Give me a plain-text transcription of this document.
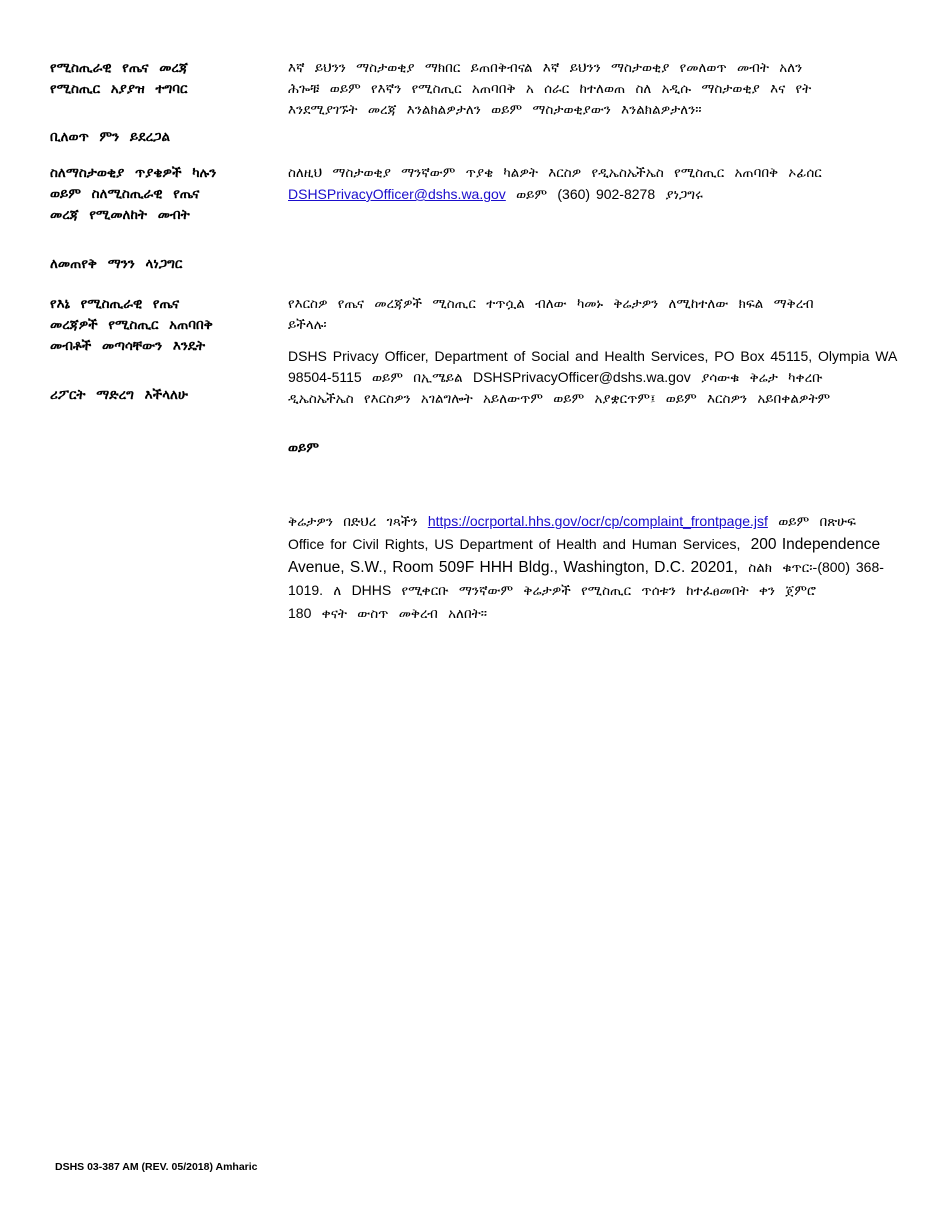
የሚስጢራዊ የጤና መረጃ
የሚስጢር አያያዝ ተግባር
ቢለወጥ ምን ይደረጋል
ስለማስታወቂያ ጥያቄዎች ካሉን
ወይም ስለሚስጢራዊ የጤና
መረጃ የሚመለከት መብት
ለመጠየቅ ማንን ላነጋግር
የእኔ የሚስጢራዊ የጤና
መረጃዎች የሚስጢር አጠባበቅ
መብቶች መጣሳቸውን እንዴት
ሪፖርት ማድረግ እችላለሁ
እኛ ይህንን ማስታወቂያ ማክበር ይጠበቅብናል እኛ ይህንን ማስታወቂያ የመለወጥ መብት አለን
ሕጐቹ ወይም የእኛን የሚስጢር አጠባበቅ አ ሰራር ከተለወጠ ስለ አዲሱ ማስታወቂያ እና የት
እንደሚያገኙት መረጃ እንልክልዎታለን ወይም ማስታወቂያውን እንልክልዎታለን።
ስለዚህ ማስታወቂያ ማንኛውም ጥያቄ ካልዎት እርስዎ የዲኤስኤችኤስ የሚስጢር አጠባበቅ ኦፊሰር
DSHSPrivacyOfficer@dshs.wa.gov ወይም (360) 902-8278 ያነጋግሩ
የእርስዎ የጤና መረጃዎች ሚስጢር ተጥሷል ብለው ካመኑ ቅሬታዎን ለሚከተለው ክፍል ማቅረብ
ይችላሉ፡
DSHS Privacy Officer, Department of Social and Health Services, PO Box 45115, Olympia WA
98504-5115 ወይም በኢሜይል DSHSPrivacyOfficer@dshs.wa.gov ያሳውቁ ቅሬታ ካቀረቡ
ዲኤስኤችኤስ የእርስዎን አገልግሎት አይለውጥም ወይም አያቋርጥም፤ ወይም እርስዎን አይበቀልዎትም
ወይም
ቅሬታዎን በድህረ ገጻችን https://ocrportal.hhs.gov/ocr/cp/complaint_frontpage.jsf ወይም በጽሁፍ
Office for Civil Rights, US Department of Health and Human Services, 200 Independence
Avenue, S.W., Room 509F HHH Bldg., Washington, D.C. 20201, ስልክ ቁጥር፡-(800) 368-
1019. ለ DHHS የሚቀርቡ ማንኛውም ቅሬታዎች የሚስጢር ጥሰቱን ከተፈፀመበት ቀን ጀምሮ
180 ቀናት ውስጥ መቅረብ አለበት።
DSHS 03-387 AM (REV. 05/2018) Amharic
